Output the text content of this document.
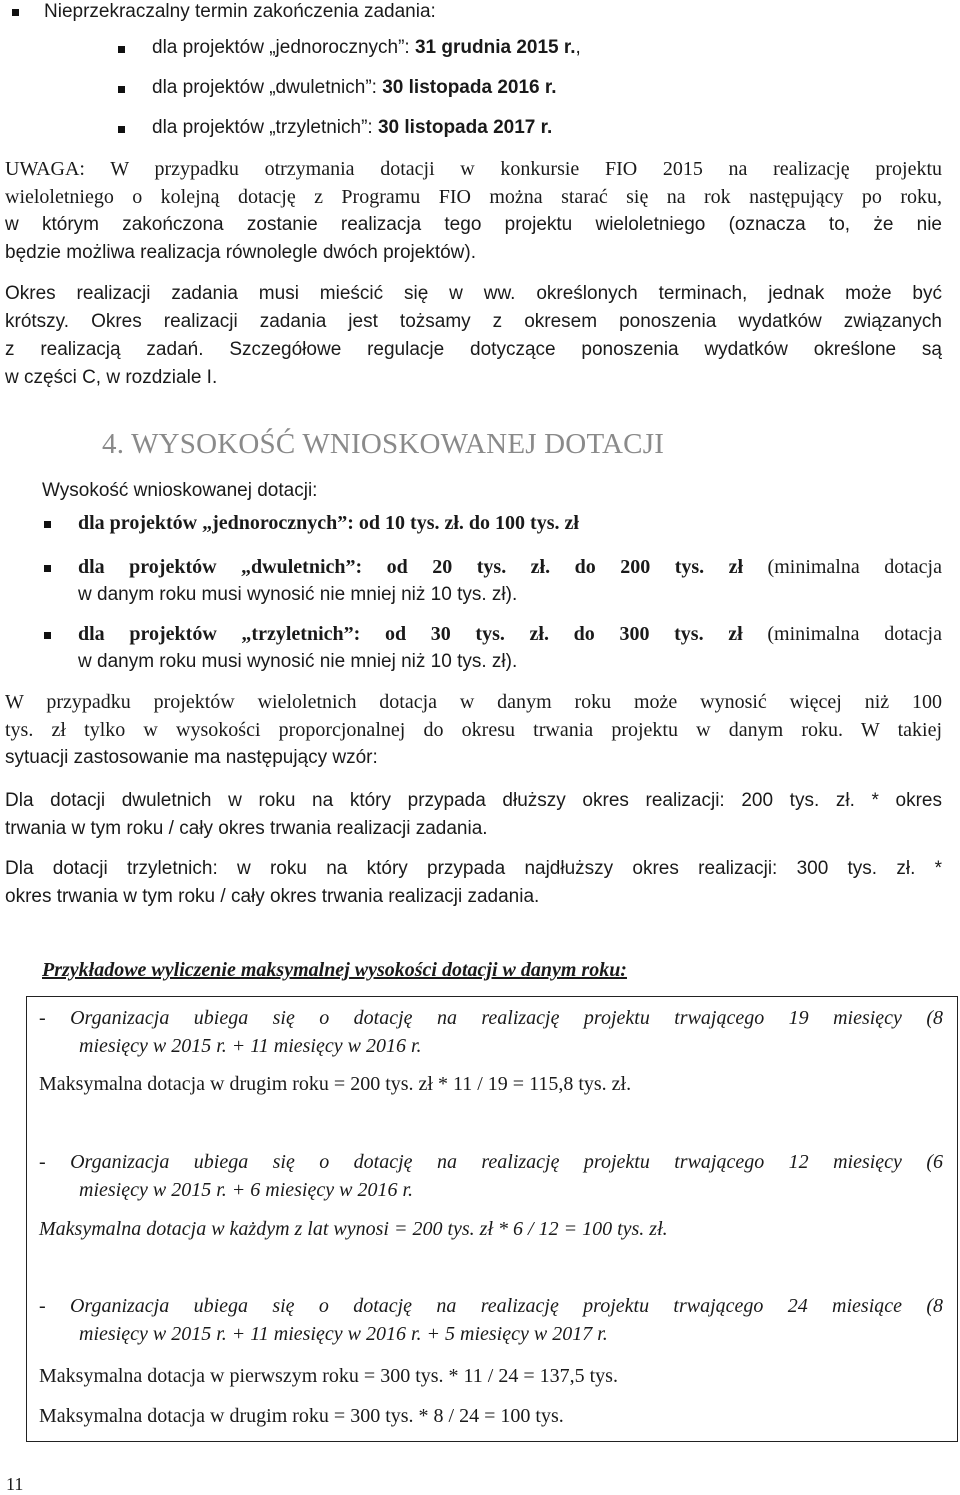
Nieprzekraczalny termin zakończenia zadania:
dla projektów „jednorocznych”: 31 grudnia 2015 r.,
dla projektów „dwuletnich”: 30 listopada 2016 r.
dla projektów „trzyletnich”: 30 listopada 2017 r.
UWAGA: W przypadku otrzymania dotacji w konkursie FIO 2015 na realizację projektu
wieloletniego o kolejną dotację z Programu FIO można starać się na rok następujący po roku,
w którym zakończona zostanie realizacja tego projektu wieloletniego (oznacza to, że nie
będzie możliwa realizacja równolegle dwóch projektów).
Okres realizacji zadania musi mieścić się w ww. określonych terminach, jednak może być
krótszy. Okres realizacji zadania jest tożsamy z okresem ponoszenia wydatków związanych
z realizacją zadań. Szczegółowe regulacje dotyczące ponoszenia wydatków określone są
w części C, w rozdziale I.
4. WYSOKOŚĆ WNIOSKOWANEJ DOTACJI
Wysokość wnioskowanej dotacji:
dla projektów „jednorocznych”: od 10 tys. zł. do 100 tys. zł
dla projektów „dwuletnich”: od 20 tys. zł. do 200 tys. zł (minimalna dotacja
w danym roku musi wynosić nie mniej niż 10 tys. zł).
dla projektów „trzyletnich”: od 30 tys. zł. do 300 tys. zł (minimalna dotacja
w danym roku musi wynosić nie mniej niż 10 tys. zł).
W przypadku projektów wieloletnich dotacja w danym roku może wynosić więcej niż 100
tys. zł tylko w wysokości proporcjonalnej do okresu trwania projektu w danym roku. W takiej
sytuacji zastosowanie ma następujący wzór:
Dla dotacji dwuletnich w roku na który przypada dłuższy okres realizacji: 200 tys. zł. * okres
trwania w tym roku / cały okres trwania realizacji zadania.
Dla dotacji trzyletnich: w roku na który przypada najdłuższy okres realizacji: 300 tys. zł. *
okres trwania w tym roku / cały okres trwania realizacji zadania.
Przykładowe wyliczenie maksymalnej wysokości dotacji w danym roku:
- Organizacja ubiega się o dotację na realizację projektu trwającego 19 miesięcy (8
miesięcy w 2015 r. + 11 miesięcy w 2016 r.
Maksymalna dotacja w drugim roku = 200 tys. zł * 11 / 19 = 115,8 tys. zł.
- Organizacja ubiega się o dotację na realizację projektu trwającego 12 miesięcy (6
miesięcy w 2015 r. + 6 miesięcy w 2016 r.
Maksymalna dotacja w każdym z lat wynosi = 200 tys. zł * 6 / 12 = 100 tys. zł.
- Organizacja ubiega się o dotację na realizację projektu trwającego 24 miesiące (8
miesięcy w 2015 r. + 11 miesięcy w 2016 r. + 5 miesięcy w 2017 r.
Maksymalna dotacja w pierwszym roku = 300 tys. * 11 / 24 = 137,5 tys.
Maksymalna dotacja w drugim roku = 300 tys. * 8 / 24 = 100 tys.
11
